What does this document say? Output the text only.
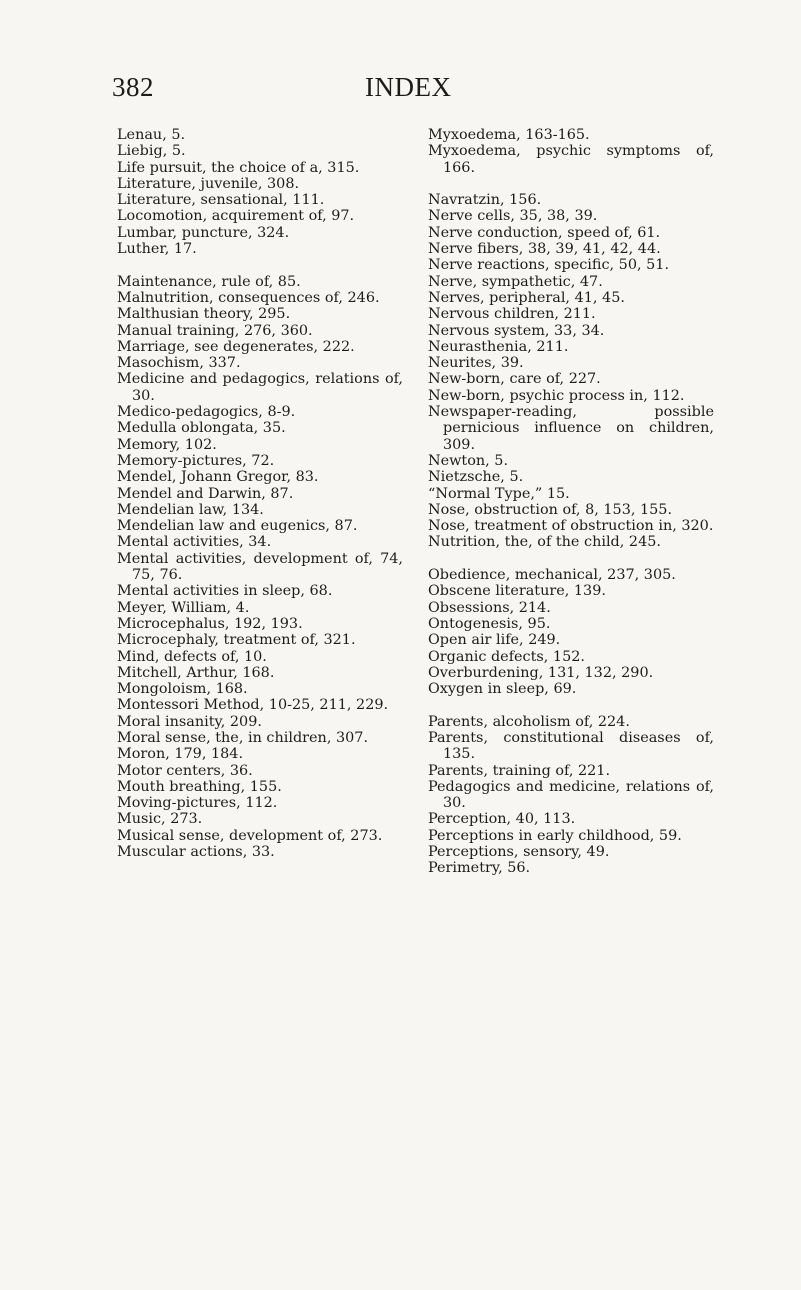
382	INDEX

Lenau, 5.

Liebig, 5.

Life pursuit, the choice of a, 315.

Literature, juvenile, 308.

Literature, sensational, 111.

Locomotion, acquirement of, 97.

Lumbar, puncture, 324.

Luther, 17.

Maintenance, rule of, 85.

Malnutrition, consequences of, 246.

Malthusian theory, 295.

Manual training, 276, 360.

Marriage, see degenerates, 222.

Masochism, 337.

Medicine and pedagogics, relations of, 30.

Medico-pedagogics, 8-9.

Medulla oblongata, 35.

Memory, 102.

Memory-pictures, 72.

Mendel, Johann Gregor, 83.

Mendel and Darwin, 87.

Mendelian law, 134.

Mendelian law and eugenics, 87.

Mental activities, 34.

Mental activities, development of, 74, 75, 76.

Mental activities in sleep, 68.

Meyer, William, 4.

Microcephalus, 192, 193.

Microcephaly, treatment of, 321.

Mind, defects of, 10.

Mitchell, Arthur, 168.

Mongoloism, 168.

Montessori Method, 10-25, 211, 229.

Moral insanity, 209.

Moral sense, the, in children, 307.

Moron, 179, 184.

Motor centers, 36.

Mouth breathing, 155.

Moving-pictures, 112.

Music, 273.

Musical sense, development of, 273.

Muscular actions, 33.

Myxoedema, 163-165.

Myxoedema, psychic symptoms of, 166.

Navratzin, 156.

Nerve cells, 35, 38, 39.

Nerve conduction, speed of, 61.

Nerve fibers, 38, 39, 41, 42, 44.

Nerve reactions, specific, 50, 51.

Nerve, sympathetic, 47.

Nerves, peripheral, 41, 45.

Nervous children, 211.

Nervous system, 33, 34.

Neurasthenia, 211.

Neurites, 39.

New-born, care of, 227.

New-born, psychic process in, 112.

Newspaper-reading, possible pernicious influence on children, 309.

Newton, 5.

Nietzsche, 5.

“Normal Type,” 15.

Nose, obstruction of, 8, 153, 155.

Nose, treatment of obstruction in, 320.

Nutrition, the, of the child, 245.

Obedience, mechanical, 237, 305.

Obscene literature, 139.

Obsessions, 214.

Ontogenesis, 95.

Open air life, 249.

Organic defects, 152.

Overburdening, 131, 132, 290.

Oxygen in sleep, 69.

Parents, alcoholism of, 224.

Parents, constitutional diseases of, 135.

Parents, training of, 221.

Pedagogics and medicine, relations of, 30.

Perception, 40, 113.

Perceptions in early childhood, 59.

Perceptions, sensory, 49.

Perimetry, 56.
